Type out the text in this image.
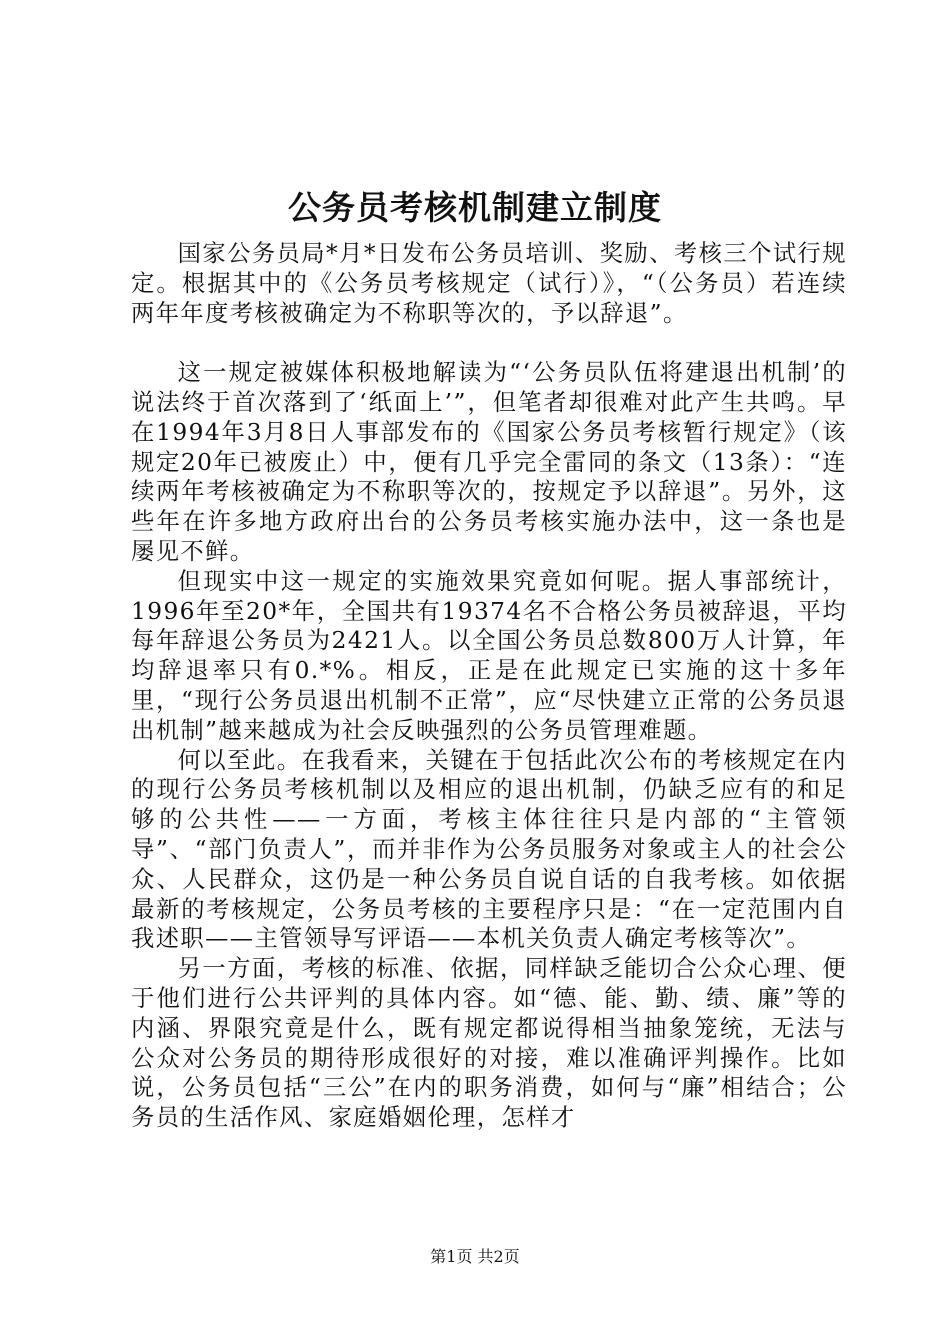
公务员考核机制建立制度

国家公务员局*月*日发布公务员培训、奖励、考核三个试行规定。根据其中的《公务员考核规定（试行）》，“（公务员）若连续两年年度考核被确定为不称职等次的，予以辞退”。

这一规定被媒体积极地解读为“‘公务员队伍将建退出机制’的说法终于首次落到了‘纸面上’”，但笔者却很难对此产生共鸣。早在1994年3月8日人事部发布的《国家公务员考核暂行规定》（该规定20年已被废止）中，便有几乎完全雷同的条文（13条）：“连续两年考核被确定为不称职等次的，按规定予以辞退”。另外，这些年在许多地方政府出台的公务员考核实施办法中，这一条也是屡见不鲜。

但现实中这一规定的实施效果究竟如何呢。据人事部统计，1996年至20*年，全国共有19374名不合格公务员被辞退，平均每年辞退公务员为2421人。以全国公务员总数800万人计算，年均辞退率只有0.*%。相反，正是在此规定已实施的这十多年里，“现行公务员退出机制不正常”，应“尽快建立正常的公务员退出机制”越来越成为社会反映强烈的公务员管理难题。

何以至此。在我看来，关键在于包括此次公布的考核规定在内的现行公务员考核机制以及相应的退出机制，仍缺乏应有的和足够的公共性——一方面，考核主体往往只是内部的“主管领导”、“部门负责人”，而并非作为公务员服务对象或主人的社会公众、人民群众，这仍是一种公务员自说自话的自我考核。如依据最新的考核规定，公务员考核的主要程序只是：“在一定范围内自我述职——主管领导写评语——本机关负责人确定考核等次”。

另一方面，考核的标准、依据，同样缺乏能切合公众心理、便于他们进行公共评判的具体内容。如“德、能、勤、绩、廉”等的内涵、界限究竟是什么，既有规定都说得相当抽象笼统，无法与公众对公务员的期待形成很好的对接，难以准确评判操作。比如说，公务员包括“三公”在内的职务消费，如何与“廉”相结合；公务员的生活作风、家庭婚姻伦理，怎样才

第1页 共2页
